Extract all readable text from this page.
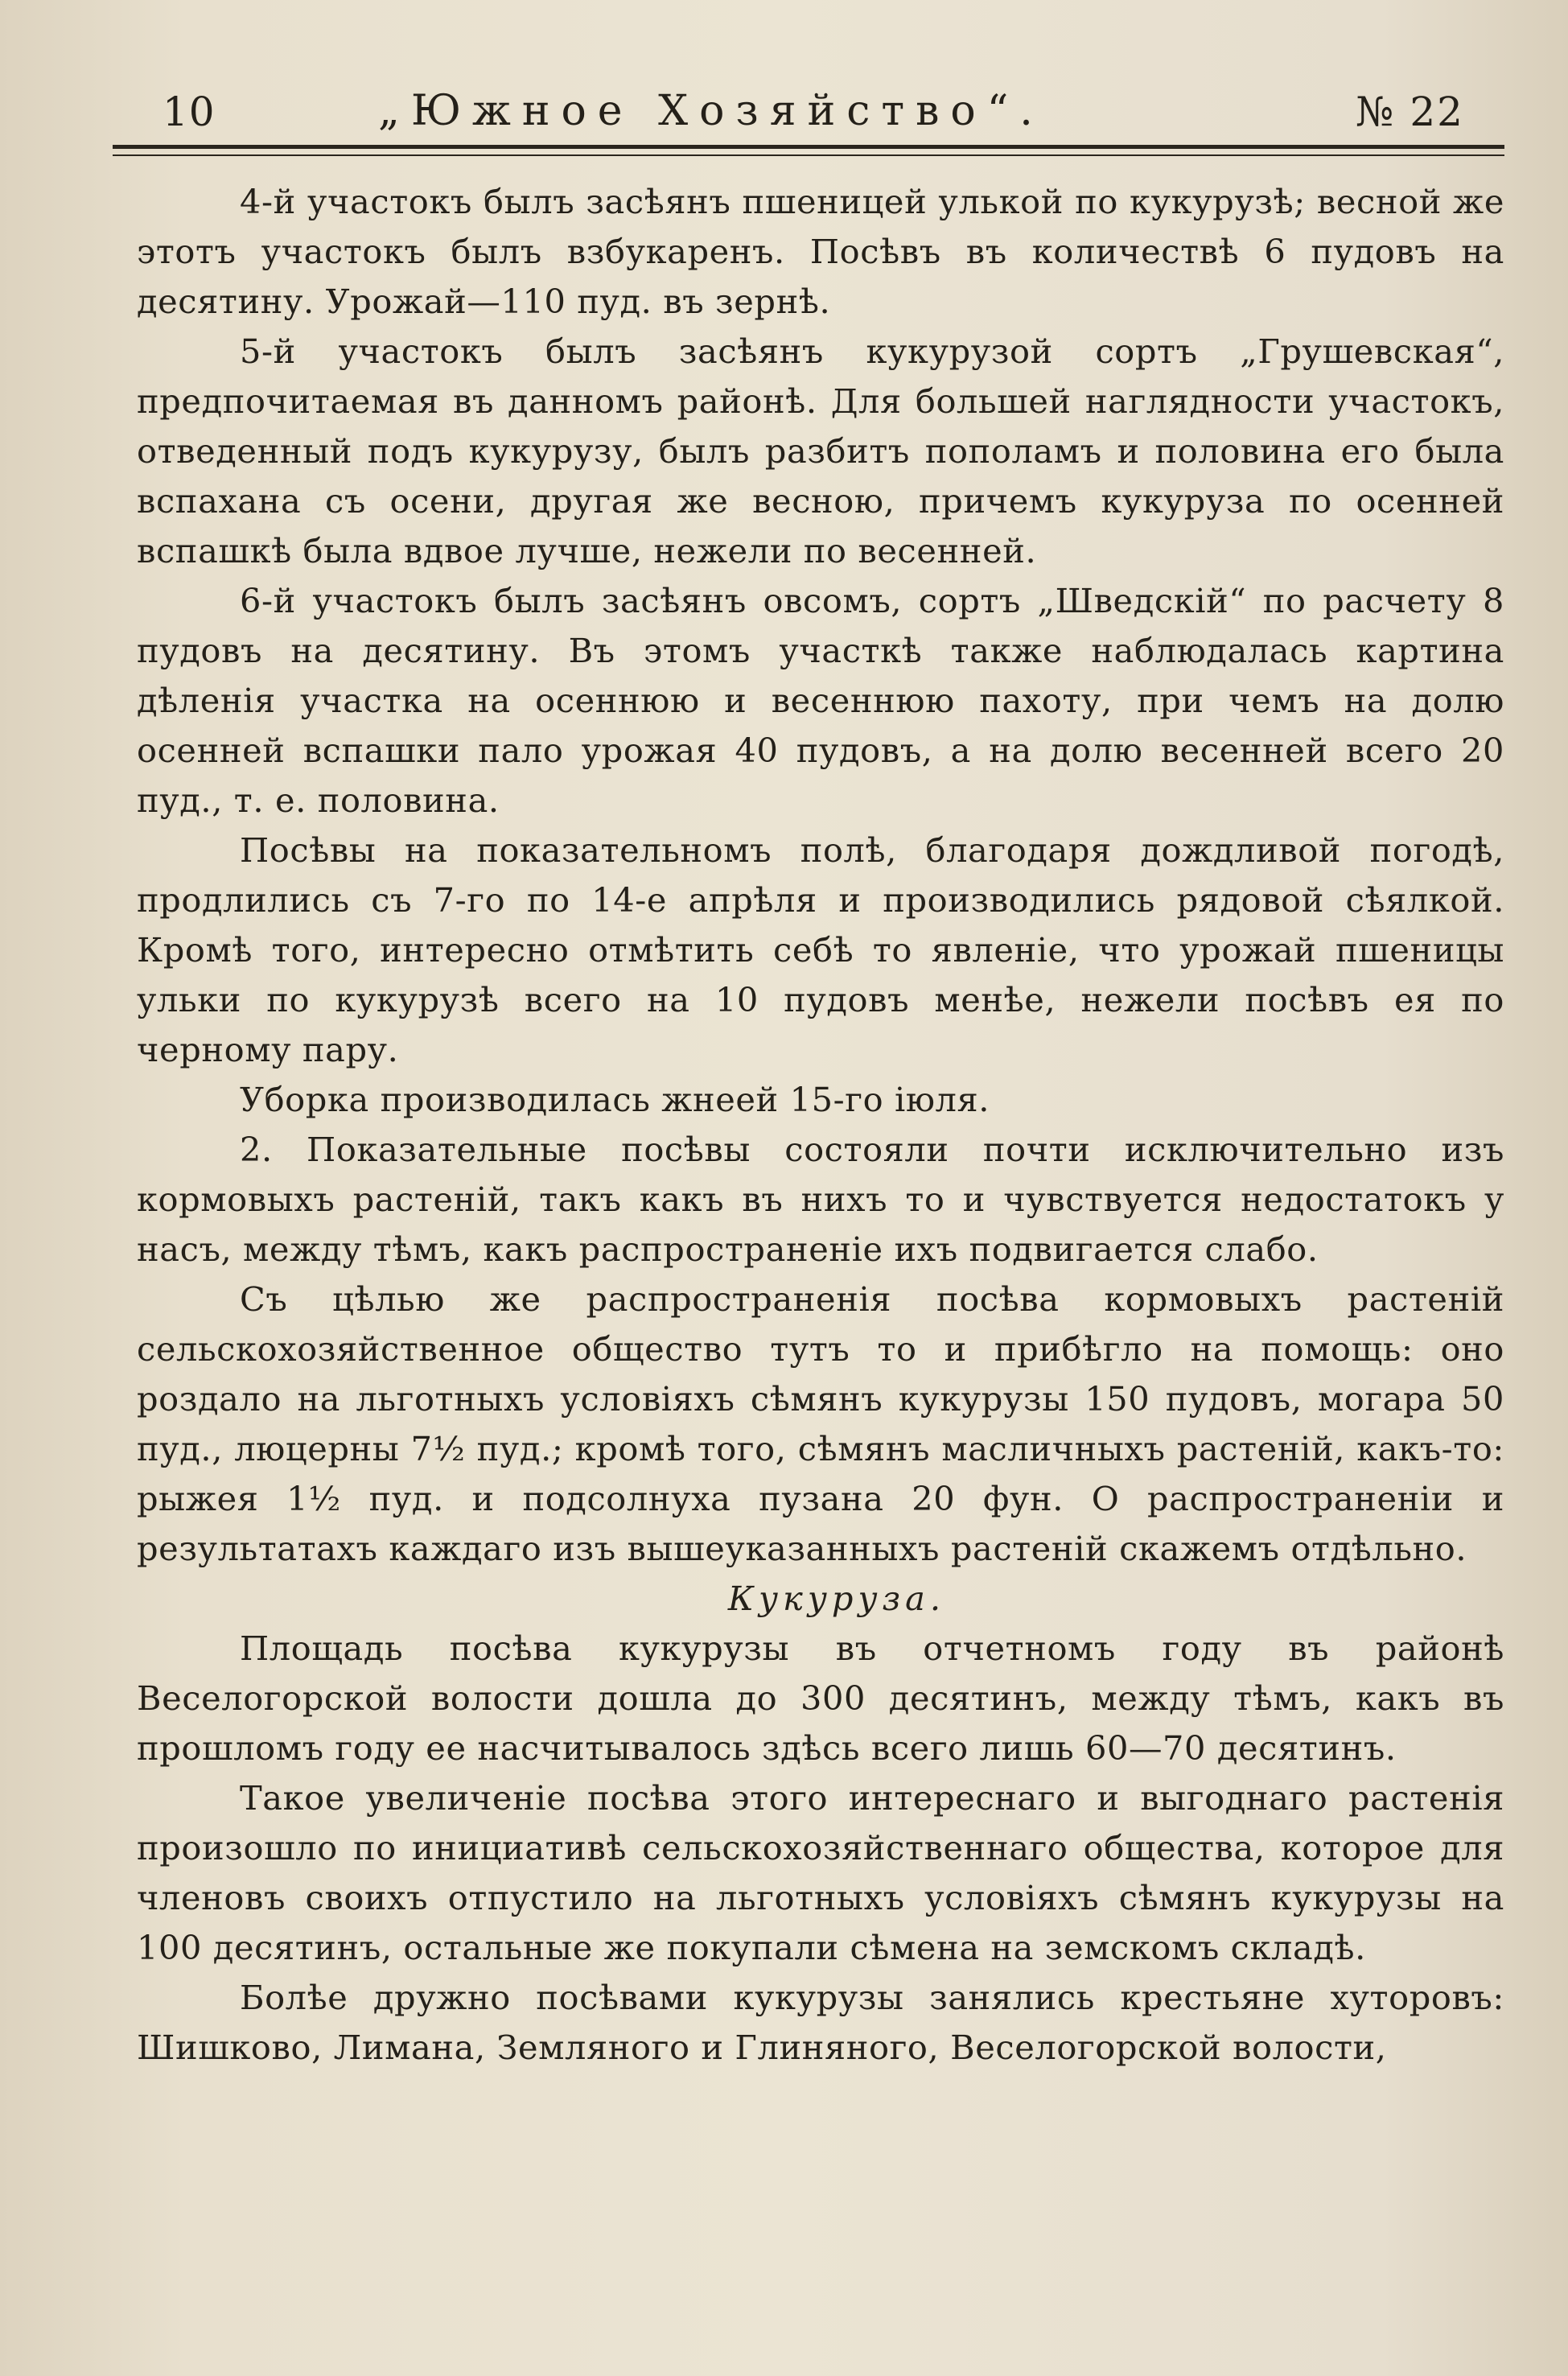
10	„Южное Хозяйство“.	№ 22

4-й участокъ былъ засѣянъ пшеницей улькой по кукурузѣ; весной же этотъ участокъ былъ взбукаренъ. Посѣвъ въ количествѣ 6 пудовъ на десятину. Урожай—110 пуд. въ зернѣ.

5-й участокъ былъ засѣянъ кукурузой сортъ „Грушевская“, предпочитаемая въ данномъ районѣ. Для большей наглядности участокъ, отведенный подъ кукурузу, былъ разбитъ пополамъ и половина его была вспахана съ осени, другая же весною, причемъ кукуруза по осенней вспашкѣ была вдвое лучше, нежели по весенней.

6-й участокъ былъ засѣянъ овсомъ, сортъ „Шведскій“ по расчету 8 пудовъ на десятину. Въ этомъ участкѣ также наблюдалась картина дѣленія участка на осеннюю и весеннюю пахоту, при чемъ на долю осенней вспашки пало урожая 40 пудовъ, а на долю весенней всего 20 пуд., т. е. половина.

Посѣвы на показательномъ полѣ, благодаря дождливой погодѣ, продлились съ 7-го по 14-е апрѣля и производились рядовой сѣялкой. Кромѣ того, интересно отмѣтить себѣ то явленіе, что урожай пшеницы ульки по кукурузѣ всего на 10 пудовъ менѣе, нежели посѣвъ ея по черному пару.

Уборка производилась жнеей 15-го іюля.

2. Показательные посѣвы состояли почти исключительно изъ кормовыхъ растеній, такъ какъ въ нихъ то и чувствуется недостатокъ у насъ, между тѣмъ, какъ распространеніе ихъ подвигается слабо.

Съ цѣлью же распространенія посѣва кормовыхъ растеній сельскохозяйственное общество тутъ то и прибѣгло на помощь: оно роздало на льготныхъ условіяхъ сѣмянъ кукурузы 150 пудовъ, могара 50 пуд., люцерны 7½ пуд.; кромѣ того, сѣмянъ масличныхъ растеній, какъ-то: рыжея 1½ пуд. и подсолнуха пузана 20 фун. О распространеніи и результатахъ каждаго изъ вышеуказанныхъ растеній скажемъ отдѣльно.

Кукуруза.

Площадь посѣва кукурузы въ отчетномъ году въ районѣ Веселогорской волости дошла до 300 десятинъ, между тѣмъ, какъ въ прошломъ году ее насчитывалось здѣсь всего лишь 60—70 десятинъ.

Такое увеличеніе посѣва этого интереснаго и выгоднаго растенія произошло по инициативѣ сельскохозяйственнаго общества, которое для членовъ своихъ отпустило на льготныхъ условіяхъ сѣмянъ кукурузы на 100 десятинъ, остальные же покупали сѣмена на земскомъ складѣ.

Болѣе дружно посѣвами кукурузы занялись крестьяне хуторовъ: Шишково, Лимана, Земляного и Глиняного, Веселогорской волости,
